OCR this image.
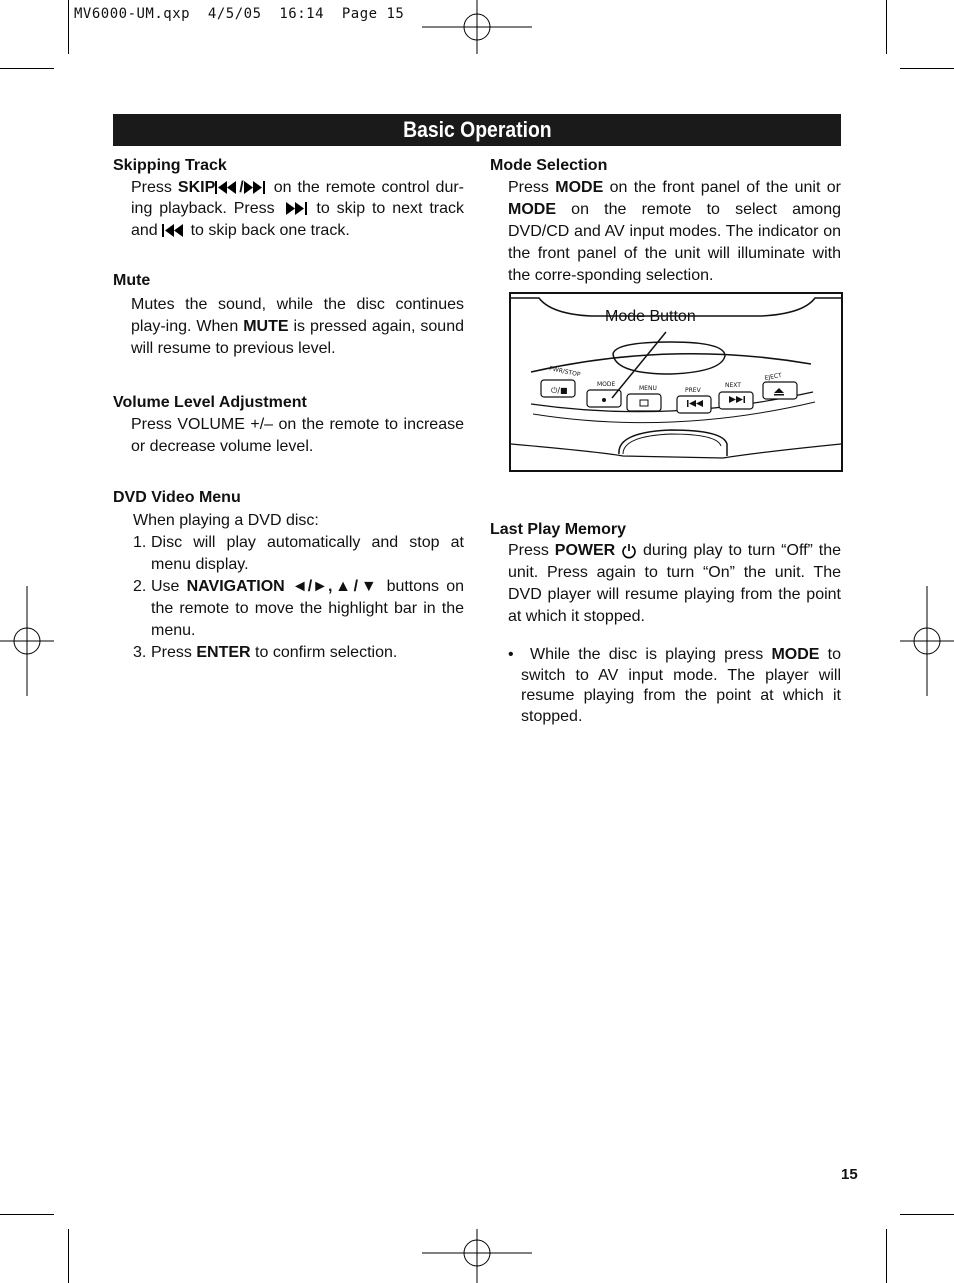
MV6000-UM.qxp  4/5/05  16:14  Page 15
Basic Operation
Skipping Track
Press SKIP / on the remote control dur-ing playback. Press  to skip to next track and  to skip back one track.
Mute
Mutes the sound, while the disc continues play-ing. When MUTE is pressed again, sound will resume to previous level.
Volume Level Adjustment
Press VOLUME +/– on the remote to increase or decrease volume level.
DVD Video Menu
When playing a DVD disc:
1. Disc will play automatically and stop at menu display.
2. Use NAVIGATION ◄/►,▲/▼ buttons on the remote to move the highlight bar in the menu.
3. Press ENTER to confirm selection.
Mode Selection
Press MODE on the front panel of the unit or MODE on the remote to select among DVD/CD and AV input modes. The indicator on the front panel of the unit will illuminate with the corre-sponding selection.
Last Play Memory
Press POWER  during play to turn “Off” the unit. Press again to turn “On” the unit. The DVD player will resume playing from the point at which it stopped.
• While the disc is playing press MODE to switch to AV input mode. The player will resume playing from the point at which it stopped.
Mode Button
⏻/■
PWR/STOP
MODE
MENU	PREV
NEXT
EJECT
15
